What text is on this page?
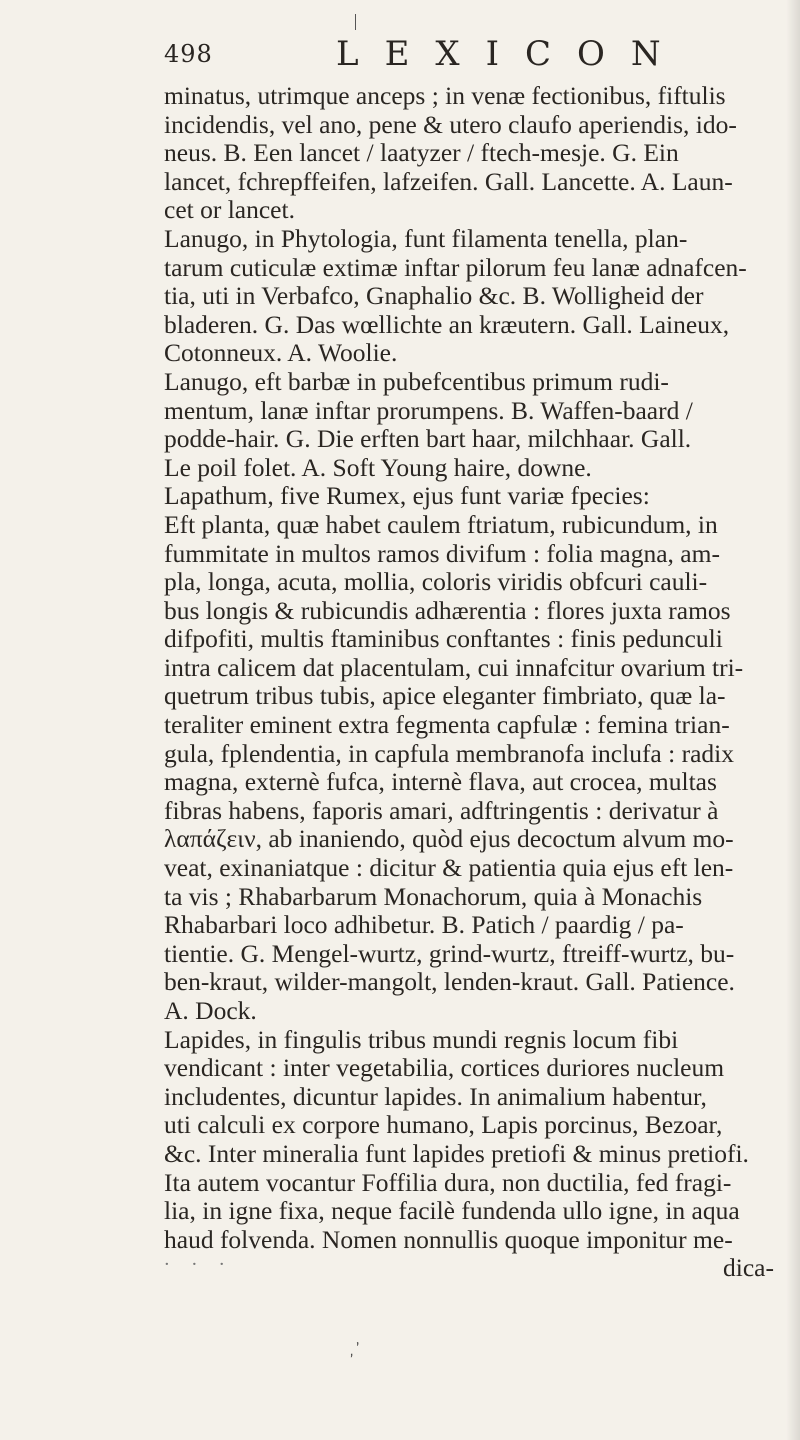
498	LEXICON
minatus, utrimque anceps ; in venæ fectionibus, fiftulis
incidendis, vel ano, pene & utero claufo aperiendis, ido-
neus. B. Een lancet / laatyzer / ftech-mesje. G. Ein
lancet, fchrepffeifen, lafzeifen. Gall. Lancette. A. Laun-
cet or lancet.
Lanugo, in Phytologia, funt filamenta tenella, plan-
tarum cuticulæ extimæ inftar pilorum feu lanæ adnafcen-
tia, uti in Verbafco, Gnaphalio &c. B. Wolligheid der
bladeren. G. Das wœllichte an kræutern. Gall. Laineux,
Cotonneux. A. Woolie.
Lanugo, eft barbæ in pubefcentibus primum rudi-
mentum, lanæ inftar prorumpens. B. Waffen-baard /
podde-hair. G. Die erften bart haar, milchhaar. Gall.
Le poil folet. A. Soft Young haire, downe.
Lapathum, five Rumex, ejus funt variæ fpecies:
Eft planta, quæ habet caulem ftriatum, rubicundum, in
fummitate in multos ramos divifum : folia magna, am-
pla, longa, acuta, mollia, coloris viridis obfcuri cauli-
bus longis & rubicundis adhærentia : flores juxta ramos
difpofiti, multis ftaminibus conftantes : finis pedunculi
intra calicem dat placentulam, cui innafcitur ovarium tri-
quetrum tribus tubis, apice eleganter fimbriato, quæ la-
teraliter eminent extra fegmenta capfulæ : femina trian-
gula, fplendentia, in capfula membranofa inclufa : radix
magna, externè fufca, internè flava, aut crocea, multas
fibras habens, faporis amari, adftringentis : derivatur à
λαπάζειν, ab inaniendo, quòd ejus decoctum alvum mo-
veat, exinaniatque : dicitur & patientia quia ejus eft len-
ta vis ; Rhabarbarum Monachorum, quia à Monachis
Rhabarbari loco adhibetur. B. Patich / paardig / pa-
tientie. G. Mengel-wurtz, grind-wurtz, ftreiff-wurtz, bu-
ben-kraut, wilder-mangolt, lenden-kraut. Gall. Patience.
A. Dock.
Lapides, in fingulis tribus mundi regnis locum fibi
vendicant : inter vegetabilia, cortices duriores nucleum
includentes, dicuntur lapides. In animalium habentur,
uti calculi ex corpore humano, Lapis porcinus, Bezoar,
&c. Inter mineralia funt lapides pretiofi & minus pretiofi.
Ita autem vocantur Foffilia dura, non ductilia, fed fragi-
lia, in igne fixa, neque facilè fundenda ullo igne, in aqua
haud folvenda. Nomen nonnullis quoque imponitur me-
dica-
· · ·
, ʼ
